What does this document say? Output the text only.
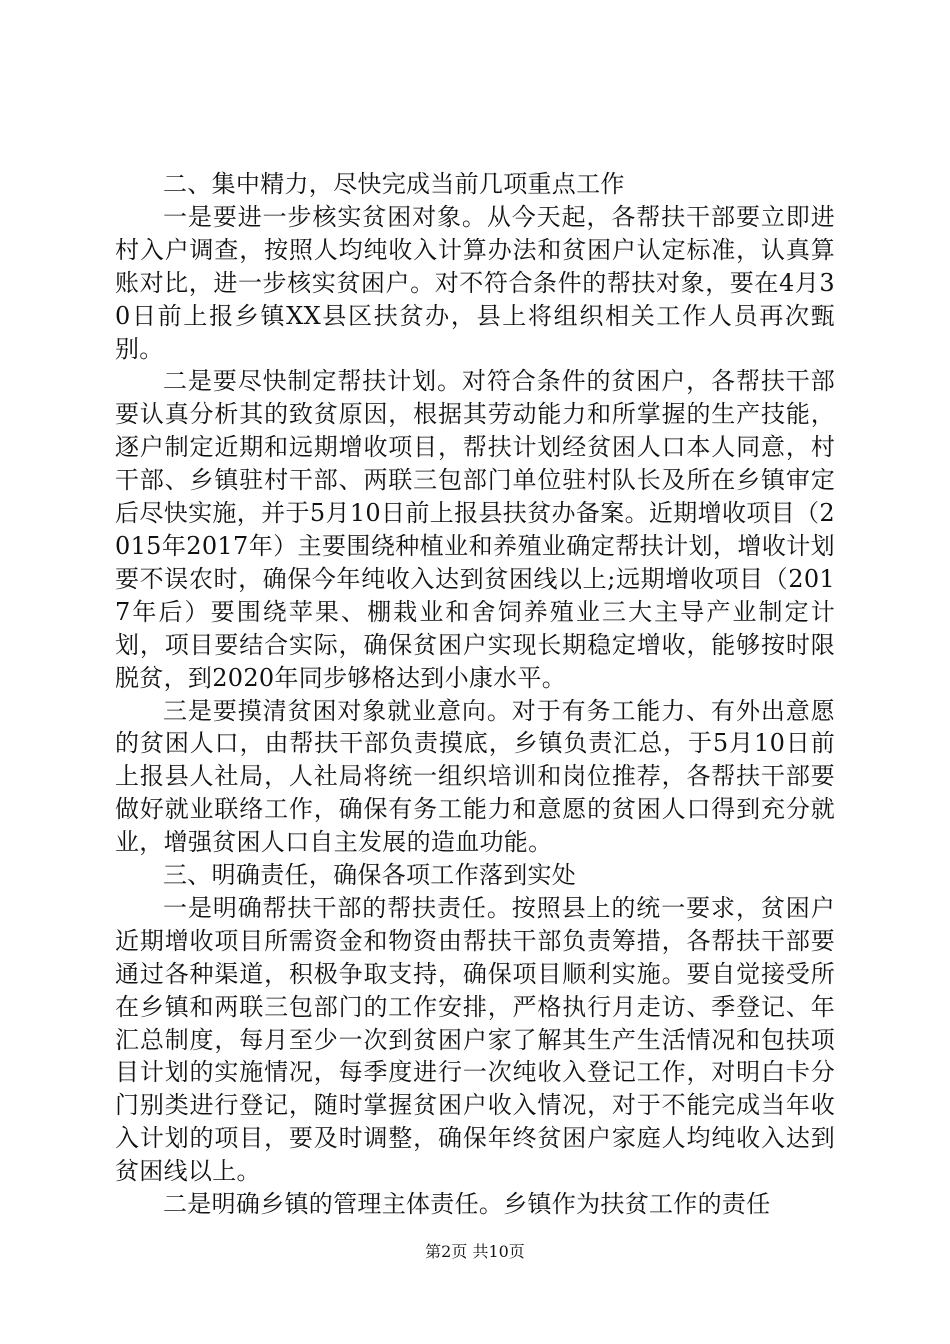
二、集中精力，尽快完成当前几项重点工作

一是要进一步核实贫困对象。从今天起，各帮扶干部要立即进村入户调查，按照人均纯收入计算办法和贫困户认定标准，认真算账对比，进一步核实贫困户。对不符合条件的帮扶对象，要在4月30日前上报乡镇XX县区扶贫办，县上将组织相关工作人员再次甄别。

二是要尽快制定帮扶计划。对符合条件的贫困户，各帮扶干部要认真分析其的致贫原因，根据其劳动能力和所掌握的生产技能，逐户制定近期和远期增收项目，帮扶计划经贫困人口本人同意，村干部、乡镇驻村干部、两联三包部门单位驻村队长及所在乡镇审定后尽快实施，并于5月10日前上报县扶贫办备案。近期增收项目（2015年2017年）主要围绕种植业和养殖业确定帮扶计划，增收计划要不误农时，确保今年纯收入达到贫困线以上;远期增收项目（2017年后）要围绕苹果、棚栽业和舍饲养殖业三大主导产业制定计划，项目要结合实际，确保贫困户实现长期稳定增收，能够按时限脱贫，到2020年同步够格达到小康水平。

三是要摸清贫困对象就业意向。对于有务工能力、有外出意愿的贫困人口，由帮扶干部负责摸底，乡镇负责汇总，于5月10日前上报县人社局，人社局将统一组织培训和岗位推荐，各帮扶干部要做好就业联络工作，确保有务工能力和意愿的贫困人口得到充分就业，增强贫困人口自主发展的造血功能。

三、明确责任，确保各项工作落到实处

一是明确帮扶干部的帮扶责任。按照县上的统一要求，贫困户近期增收项目所需资金和物资由帮扶干部负责筹措，各帮扶干部要通过各种渠道，积极争取支持，确保项目顺利实施。要自觉接受所在乡镇和两联三包部门的工作安排，严格执行月走访、季登记、年汇总制度，每月至少一次到贫困户家了解其生产生活情况和包扶项目计划的实施情况，每季度进行一次纯收入登记工作，对明白卡分门别类进行登记，随时掌握贫困户收入情况，对于不能完成当年收入计划的项目，要及时调整，确保年终贫困户家庭人均纯收入达到贫困线以上。

二是明确乡镇的管理主体责任。乡镇作为扶贫工作的责任

第2页 共10页
